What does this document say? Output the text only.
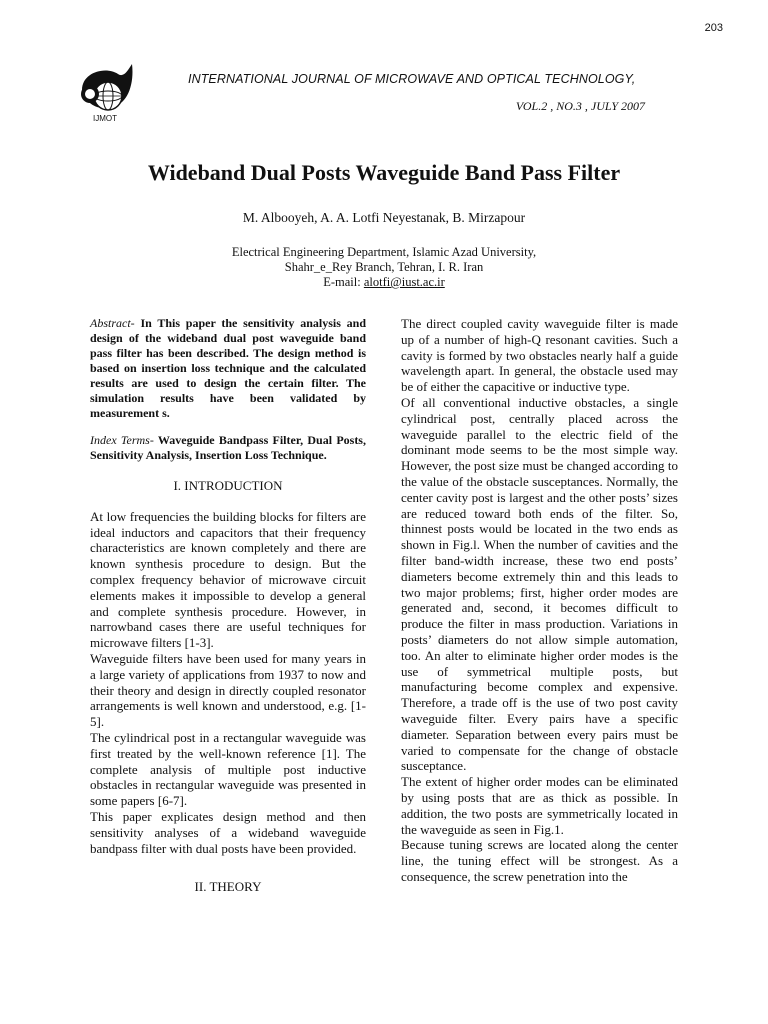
203
IJMOT
INTERNATIONAL JOURNAL OF MICROWAVE AND OPTICAL TECHNOLOGY,
VOL.2 , NO.3 , JULY 2007
Wideband Dual Posts Waveguide Band Pass Filter
M. Albooyeh, A. A. Lotfi Neyestanak, B. Mirzapour
Electrical Engineering Department, Islamic Azad University,
Shahr_e_Rey Branch, Tehran, I. R. Iran
E-mail: alotfi@iust.ac.ir

Abstract- In This paper the sensitivity analysis and design of the wideband dual post waveguide band pass filter has been described. The design method is based on insertion loss technique and the calculated results are used to design the certain filter. The simulation results have been validated by measurement s.

Index Terms- Waveguide Bandpass Filter, Dual Posts, Sensitivity Analysis, Insertion Loss Technique.

I. INTRODUCTION

At low frequencies the building blocks for filters are ideal inductors and capacitors that their frequency characteristics are known completely and there are known synthesis procedure to design. But the complex frequency behavior of microwave circuit elements makes it impossible to develop a general and complete synthesis procedure. However, in narrowband cases there are useful techniques for microwave filters [1-3].

Waveguide filters have been used for many years in a large variety of applications from 1937 to now and their theory and design in directly coupled resonator arrangements is well known and understood, e.g. [1-5].

The cylindrical post in a rectangular waveguide was first treated by the well-known reference [1]. The complete analysis of multiple post inductive obstacles in rectangular waveguide was presented in some papers [6-7].

This paper explicates design method and then sensitivity analyses of a wideband waveguide bandpass filter with dual posts have been provided.

II. THEORY

The direct coupled cavity waveguide filter is made up of a number of high-Q resonant cavities. Such a cavity is formed by two obstacles nearly half a guide wavelength apart. In general, the obstacle used may be of either the capacitive or inductive type.

Of all conventional inductive obstacles, a single cylindrical post, centrally placed across the waveguide parallel to the electric field of the dominant mode seems to be the most simple way. However, the post size must be changed according to the value of the obstacle susceptances. Normally, the center cavity post is largest and the other posts’ sizes are reduced toward both ends of the filter. So, thinnest posts would be located in the two ends as shown in Fig.l. When the number of cavities and the filter band-width increase, these two end posts’ diameters become extremely thin and this leads to two major problems; first, higher order modes are generated and, second, it becomes difficult to produce the filter in mass production. Variations in posts’ diameters do not allow simple automation, too. An alter to eliminate higher order modes is the use of symmetrical multiple posts, but manufacturing become complex and expensive. Therefore, a trade off is the use of two post cavity waveguide filter. Every pairs have a specific diameter. Separation between every pairs must be varied to compensate for the change of obstacle susceptance.

The extent of higher order modes can be eliminated by using posts that are as thick as possible. In addition, the two posts are symmetrically located in the waveguide as seen in Fig.1.

Because tuning screws are located along the center line, the tuning effect will be strongest. As a consequence, the screw penetration into the
